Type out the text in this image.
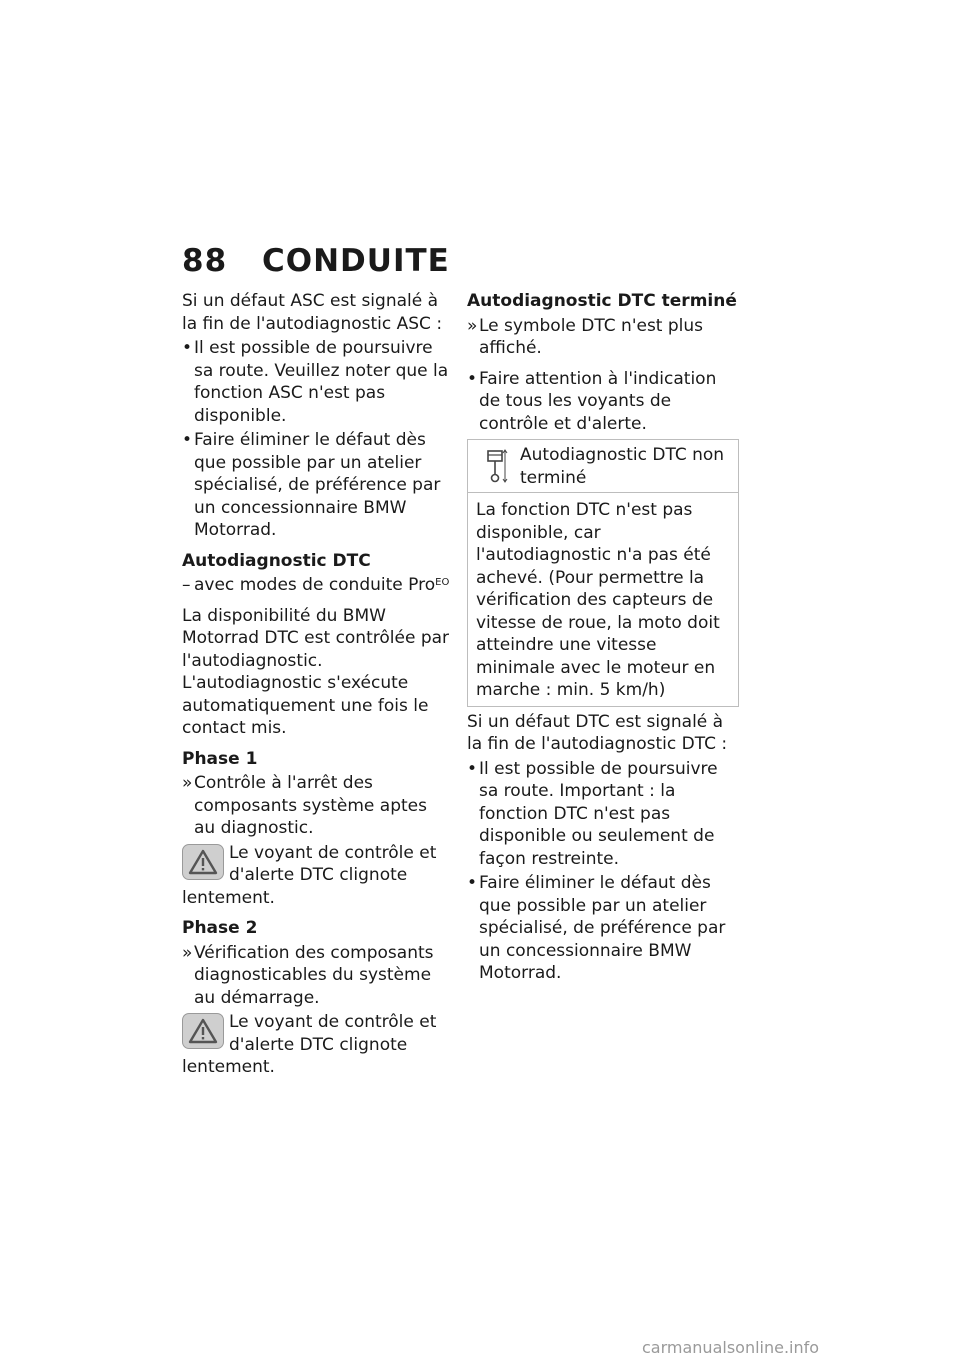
88 CONDUITE

Si un défaut ASC est signalé à la fin de l'autodiagnostic ASC :

• Il est possible de poursuivre sa route. Veuillez noter que la fonction ASC n'est pas disponible.
• Faire éliminer le défaut dès que possible par un atelier spécialisé, de préférence par un concessionnaire BMW Motorrad.
Autodiagnostic DTC
– avec modes de conduite Pro$^{EO}$

La disponibilité du BMW Motorrad DTC est contrôlée par l'autodiagnostic. L'autodiagnostic s'exécute automatiquement une fois le contact mis.

Phase 1
» Contrôle à l'arrêt des composants système aptes au diagnostic.
Le voyant de contrôle et d'alerte DTC clignote lentement.
Phase 2
» Vérification des composants diagnosticables du système au démarrage.
Le voyant de contrôle et d'alerte DTC clignote lentement.
Autodiagnostic DTC terminé
» Le symbole DTC n'est plus affiché.
• Faire attention à l'indication de tous les voyants de contrôle et d'alerte.
Autodiagnostic DTC non terminé
La fonction DTC n'est pas disponible, car l'autodiagnostic n'a pas été achevé. (Pour permettre la vérification des capteurs de vitesse de roue, la moto doit atteindre une vitesse minimale avec le moteur en marche : min. 5 km/h)

Si un défaut DTC est signalé à la fin de l'autodiagnostic DTC :

• Il est possible de poursuivre sa route. Important : la fonction DTC n'est pas disponible ou seulement de façon restreinte.
• Faire éliminer le défaut dès que possible par un atelier spécialisé, de préférence par un concessionnaire BMW Motorrad.
carmanualsonline.info
